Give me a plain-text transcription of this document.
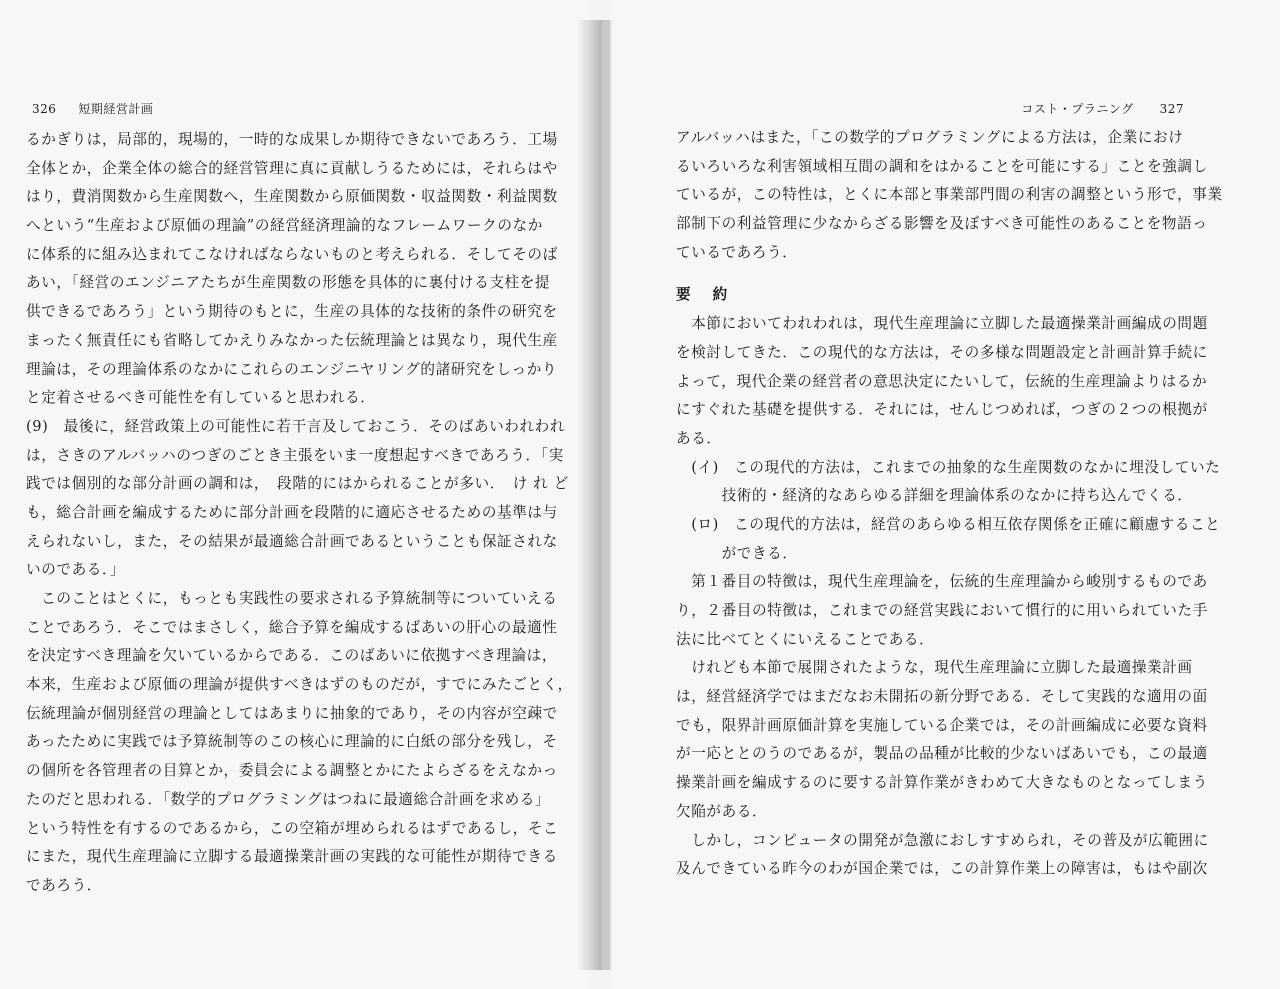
326 短期経営計画	コスト・プラニング 327
るかぎりは，局部的，現場的，一時的な成果しか期待できないであろう．工場
全体とか，企業全体の総合的経営管理に真に貢献しうるためには，それらはや
はり，費消関数から生産関数へ，生産関数から原価関数・収益関数・利益関数
へという“生産および原価の理論”の経営経済理論的なフレームワークのなか
に体系的に組み込まれてこなければならないものと考えられる．そしてそのば
あい，「経営のエンジニアたちが生産関数の形態を具体的に裏付ける支柱を提
供できるであろう」という期待のもとに，生産の具体的な技術的条件の研究を
まったく無責任にも省略してかえりみなかった伝統理論とは異なり，現代生産
理論は，その理論体系のなかにこれらのエンジニヤリング的諸研究をしっかり
と定着させるべき可能性を有していると思われる．
(9)　最後に，経営政策上の可能性に若干言及しておこう．そのばあいわれわれ
は，さきのアルバッハのつぎのごとき主張をいま一度想起すべきであろう．「実
践では個別的な部分計画の調和は，　段階的にはかられることが多い．　け れ ど
も，総合計画を編成するために部分計画を段階的に適応させるための基準は与
えられないし，また，その結果が最適総合計画であるということも保証されな
いのである．」
　このことはとくに，もっとも実践性の要求される予算統制等についていえる
ことであろう．そこではまさしく，総合予算を編成するばあいの肝心の最適性
を決定すべき理論を欠いているからである．このばあいに依拠すべき理論は，
本来，生産および原価の理論が提供すべきはずのものだが，すでにみたごとく，
伝統理論が個別経営の理論としてはあまりに抽象的であり，その内容が空疎で
あったために実践では予算統制等のこの核心に理論的に白紙の部分を残し，そ
の個所を各管理者の目算とか，委員会による調整とかにたよらざるをえなかっ
たのだと思われる．「数学的プログラミングはつねに最適総合計画を求める」
という特性を有するのであるから，この空箱が埋められるはずであるし，そこ
にまた，現代生産理論に立脚する最適操業計画の実践的な可能性が期待できる
であろう．
アルバッハはまた，「この数学的プログラミングによる方法は，企業におけ
るいろいろな利害領域相互間の調和をはかることを可能にする」ことを強調し
ているが，この特性は，とくに本部と事業部門間の利害の調整という形で，事業
部制下の利益管理に少なからざる影響を及ぼすべき可能性のあることを物語っ
ているであろう．
要約
　本節においてわれわれは，現代生産理論に立脚した最適操業計画編成の問題
を検討してきた．この現代的な方法は，その多様な問題設定と計画計算手続に
よって，現代企業の経営者の意思決定にたいして，伝統的生産理論よりはるか
にすぐれた基礎を提供する．それには，せんじつめれば，つぎの２つの根拠が
ある．
　(イ)　この現代的方法は，これまでの抽象的な生産関数のなかに埋没していた
　　　技術的・経済的なあらゆる詳細を理論体系のなかに持ち込んでくる．
　(ロ)　この現代的方法は，経営のあらゆる相互依存関係を正確に顧慮すること
　　　ができる．
　第１番目の特徴は，現代生産理論を，伝統的生産理論から峻別するものであ
り，２番目の特徴は，これまでの経営実践において慣行的に用いられていた手
法に比べてとくにいえることである．
　けれども本節で展開されたような，現代生産理論に立脚した最適操業計画
は，経営経済学ではまだなお未開拓の新分野である．そして実践的な適用の面
でも，限界計画原価計算を実施している企業では，その計画編成に必要な資料
が一応ととのうのであるが，製品の品種が比較的少ないばあいでも，この最適
操業計画を編成するのに要する計算作業がきわめて大きなものとなってしまう
欠陥がある．
　しかし，コンピュータの開発が急激におしすすめられ，その普及が広範囲に
及んできている昨今のわが国企業では，この計算作業上の障害は，もはや副次
